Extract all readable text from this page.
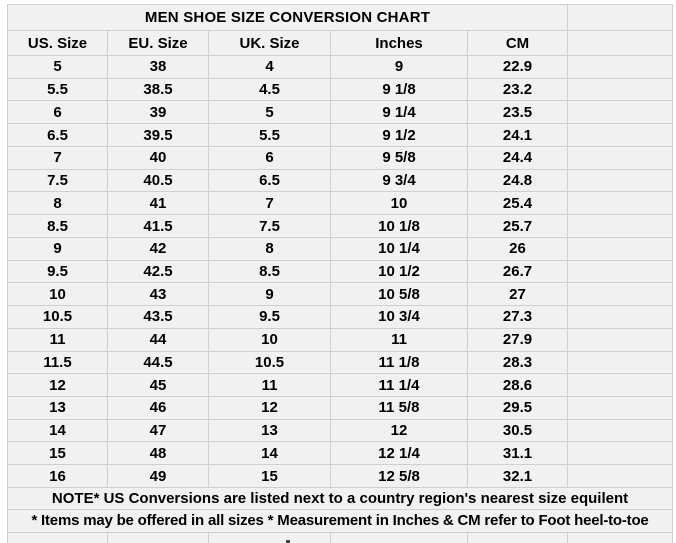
MEN SHOE SIZE CONVERSION CHART					
US. Size	EU. Size	UK. Size	Inches	CM	
5	38	4	9	22.9	
5.5	38.5	4.5	9 1/8	23.2	
6	39	5	9 1/4	23.5	
6.5	39.5	5.5	9 1/2	24.1	
7	40	6	9 5/8	24.4	
7.5	40.5	6.5	9 3/4	24.8	
8	41	7	10	25.4	
8.5	41.5	7.5	10 1/8	25.7	
9	42	8	10 1/4	26	
9.5	42.5	8.5	10 1/2	26.7	
10	43	9	10 5/8	27	
10.5	43.5	9.5	10 3/4	27.3	
11	44	10	11	27.9	
11.5	44.5	10.5	11 1/8	28.3	
12	45	11	11 1/4	28.6	
13	46	12	11 5/8	29.5	
14	47	13	12	30.5	
15	48	14	12 1/4	31.1	
16	49	15	12 5/8	32.1	
NOTE* US Conversions are listed next to a country region's nearest size equilent					
* Items may be offered in all sizes * Measurement in Inches & CM refer to Foot heel-to-toe					
